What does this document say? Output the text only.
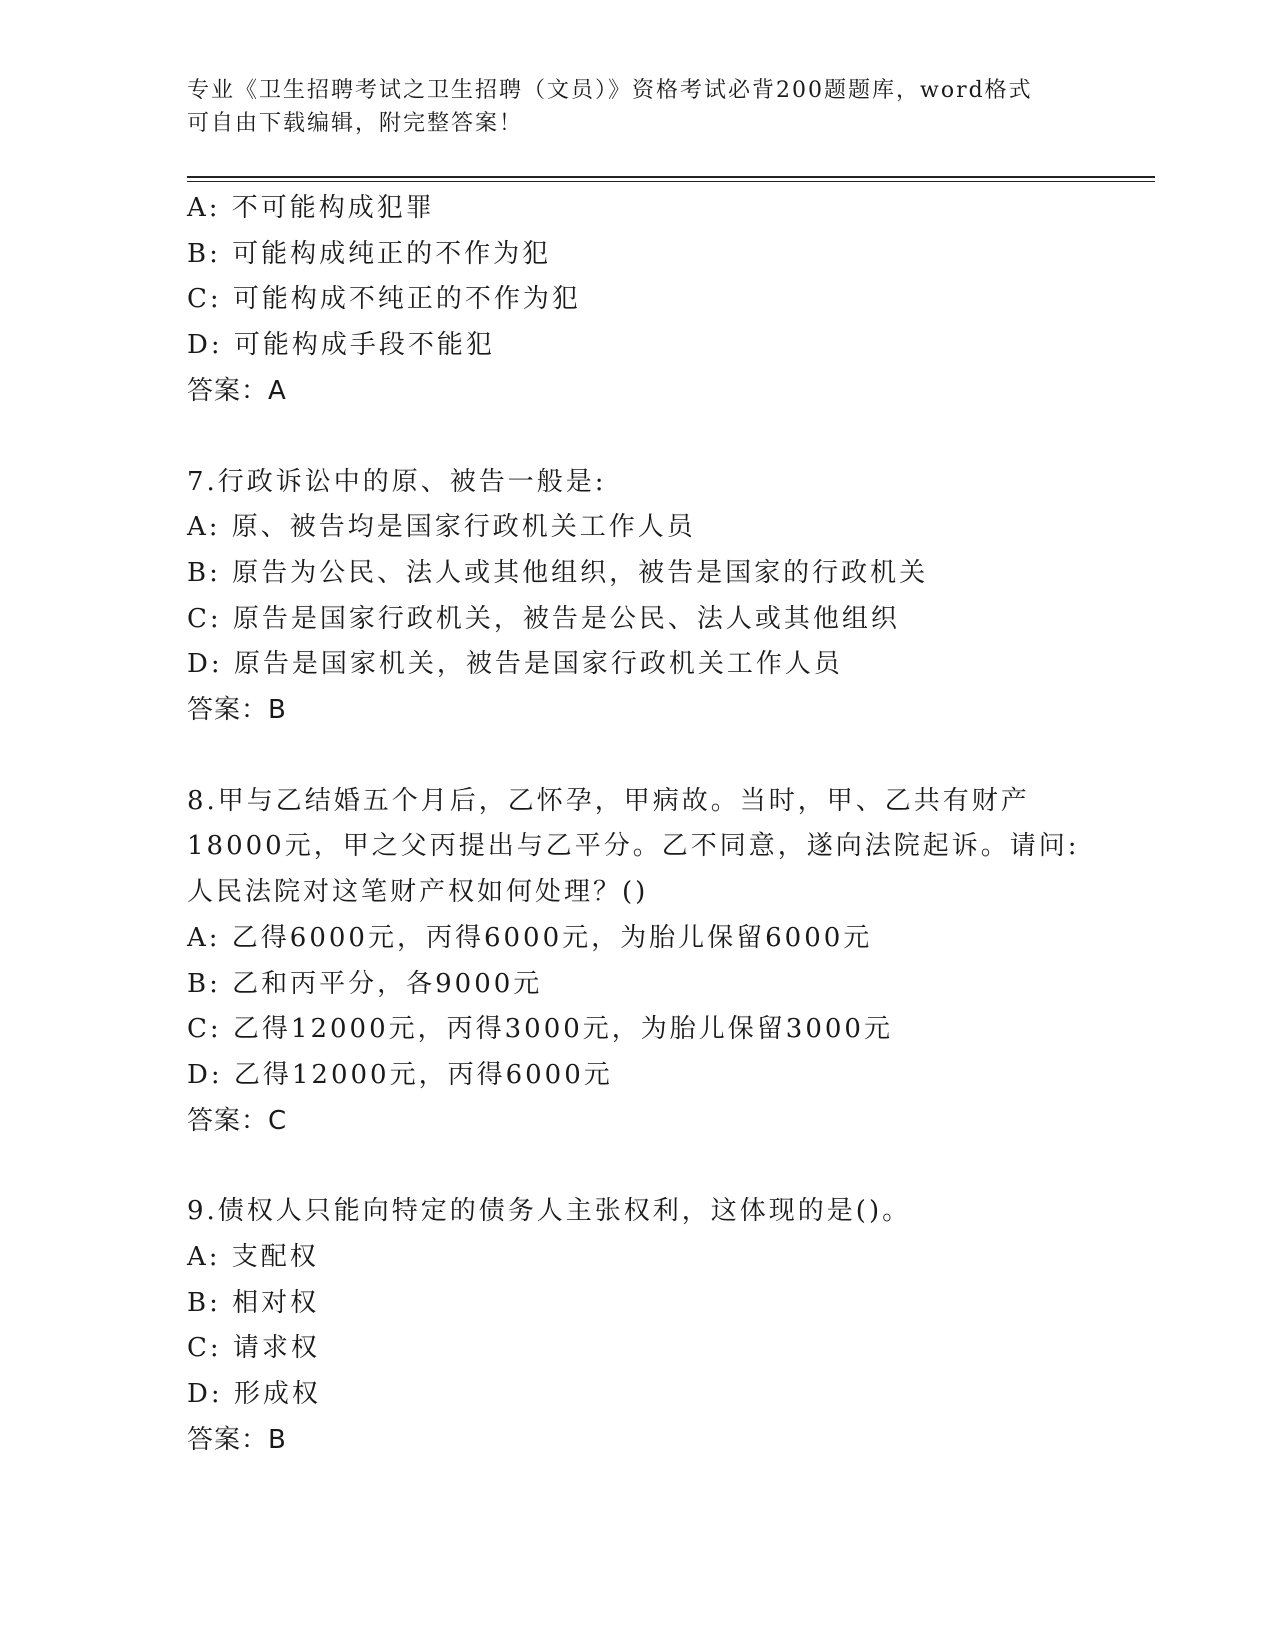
专业《卫生招聘考试之卫生招聘（文员）》资格考试必背200题题库，word格式
可自由下载编辑，附完整答案！
A: 不可能构成犯罪
B: 可能构成纯正的不作为犯
C: 可能构成不纯正的不作为犯
D: 可能构成手段不能犯
答案：A
7.行政诉讼中的原、被告一般是:
A: 原、被告均是国家行政机关工作人员
B: 原告为公民、法人或其他组织，被告是国家的行政机关
C: 原告是国家行政机关，被告是公民、法人或其他组织
D: 原告是国家机关，被告是国家行政机关工作人员
答案：B
8.甲与乙结婚五个月后，乙怀孕，甲病故。当时，甲、乙共有财产
18000元，甲之父丙提出与乙平分。乙不同意，遂向法院起诉。请问:
人民法院对这笔财产权如何处理？()
A: 乙得6000元，丙得6000元，为胎儿保留6000元
B: 乙和丙平分，各9000元
C: 乙得12000元，丙得3000元，为胎儿保留3000元
D: 乙得12000元，丙得6000元
答案：C
9.债权人只能向特定的债务人主张权利，这体现的是()。
A: 支配权
B: 相对权
C: 请求权
D: 形成权
答案：B
